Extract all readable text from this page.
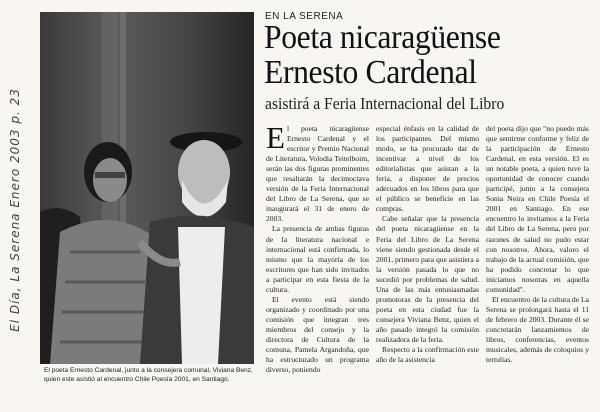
El Día, La Serena Enero 2003 p. 23
El poeta Ernesto Cardenal, junto a la consejera comunal, Viviana Benz, quien este asistió al encuentro Chile Poesía 2001, en Santiago.
EN LA SERENA
Poeta nicaragüense
Ernesto Cardenal
asistirá a Feria Internacional del Libro

El poeta nicaragüense Ernesto Cardenal y el escritor y Premio Nacional de Literatura, Volodia Teitelboim, serán las dos figuras prominentes que resaltarán la decimoctava versión de la Feria Internacional del Libro de La Serena, que se inaugurará el 31 de enero de 2003.

La presencia de ambas figuras de la literatura nacional e internacional está confirmada, lo mismo que la mayoría de los escritores que han sido invitados a participar en esta fiesta de la cultura.

El evento está siendo organizado y coordinado por una comisión que integran tres miembros del consejo y la directora de Cultura de la comuna, Pamela Argandoña, que ha estructurado un programa diverso, poniendo

especial énfasis en la calidad de los participantes. Del mismo modo, se ha procurado dar de incentivar a nivel de los editorialistas que asistan a la feria, a disponer de precios adecuados en los libros para que el público se beneficie en las compras.

Cabe señalar que la presencia del poeta nicaragüense en la Feria del Libro de La Serena viene siendo gestionada desde el 2001, primero para que asistiera a la versión pasada lo que no sucedió por problemas de salud. Una de las más entusiasmadas promotoras de la presencia del poeta en esta ciudad fue la consejera Viviana Benz, quien el año pasado integró la comisión realizadora de la feria.

Respecto a la confirmación este año de la asistencia

del poeta dijo que "no puedo más que sentirme conforme y feliz de la participación de Ernesto Cardenal, en esta versión. El es un notable poeta, a quien tuve la oportunidad de conocer cuando participé, junto a la consejera Sonia Neira en Chile Poesía el 2001 en Santiago. En ese encuentro lo invitamos a la Feria del Libro de La Serena, pero por razones de salud no pudo estar con nosotros. Ahora, valoro el trabajo de la actual comisión, que ha podido concretar lo que iniciamos nosotras en aquella comunidad".

El encuentro de la cultura de La Serena se prolongará hasta el 11 de febrero de 2003. Durante él se concretarán lanzamientos de libros, conferencias, eventos musicales, además de coloquios y tertulias.
